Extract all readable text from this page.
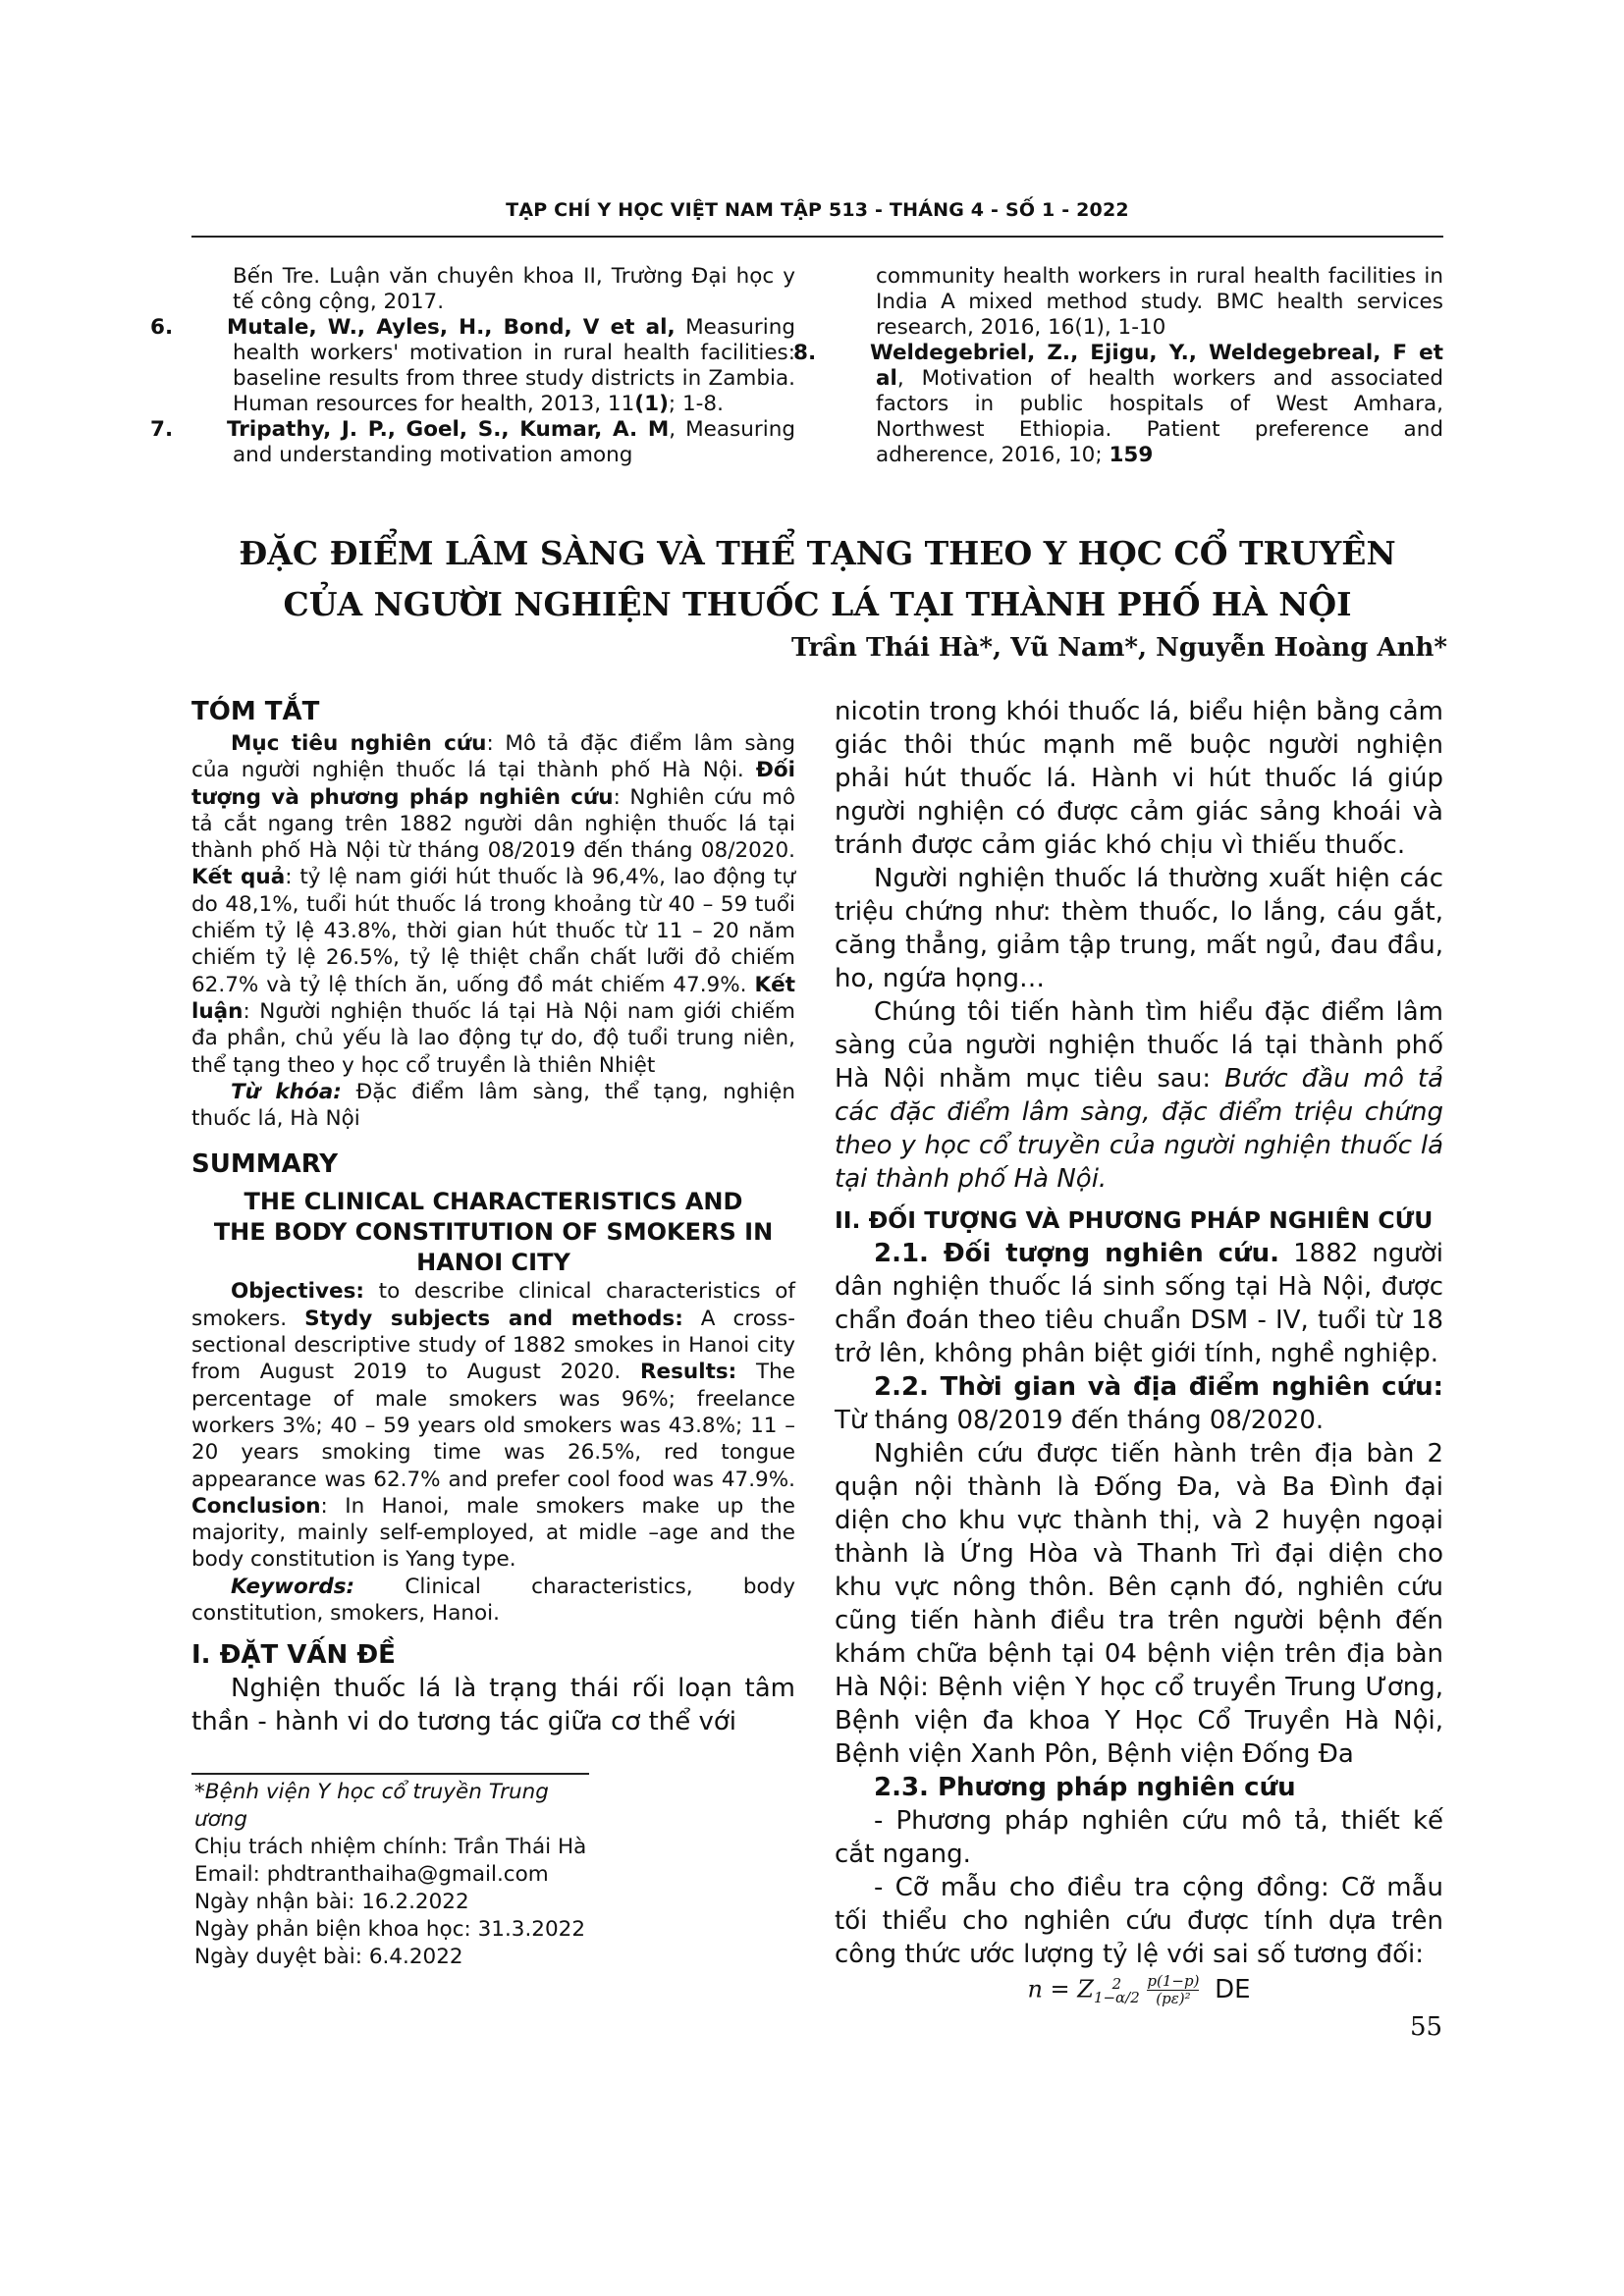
TẠP CHÍ Y HỌC VIỆT NAM TẬP 513 - THÁNG 4 - SỐ 1 - 2022
Bến Tre. Luận văn chuyên khoa II, Trường Đại học y tế công cộng, 2017.
6.	Mutale, W., Ayles, H., Bond, V et al, Measuring health workers' motivation in rural health facilities: baseline results from three study districts in Zambia. Human resources for health, 2013, 11(1); 1-8.
7.	Tripathy, J. P., Goel, S., Kumar, A. M, Measuring and understanding motivation among
community health workers in rural health facilities in India A mixed method study. BMC health services research, 2016, 16(1), 1-10
8.	Weldegebriel, Z., Ejigu, Y., Weldegebreal, F et al, Motivation of health workers and associated factors in public hospitals of West Amhara, Northwest Ethiopia. Patient preference and adherence, 2016, 10; 159
ĐẶC ĐIỂM LÂM SÀNG VÀ THỂ TẠNG THEO Y HỌC CỔ TRUYỀN
CỦA NGƯỜI NGHIỆN THUỐC LÁ TẠI THÀNH PHỐ HÀ NỘI
Trần Thái Hà*, Vũ Nam*, Nguyễn Hoàng Anh*
TÓM TẮT

Mục tiêu nghiên cứu: Mô tả đặc điểm lâm sàng của người nghiện thuốc lá tại thành phố Hà Nội. Đối tượng và phương pháp nghiên cứu: Nghiên cứu mô tả cắt ngang trên 1882 người dân nghiện thuốc lá tại thành phố Hà Nội từ tháng 08/2019 đến tháng 08/2020. Kết quả: tỷ lệ nam giới hút thuốc là 96,4%, lao động tự do 48,1%, tuổi hút thuốc lá trong khoảng từ 40 – 59 tuổi chiếm tỷ lệ 43.8%, thời gian hút thuốc từ 11 – 20 năm chiếm tỷ lệ 26.5%, tỷ lệ thiệt chẩn chất lưỡi đỏ chiếm 62.7% và tỷ lệ thích ăn, uống đồ mát chiếm 47.9%. Kết luận: Người nghiện thuốc lá tại Hà Nội nam giới chiếm đa phần, chủ yếu là lao động tự do, độ tuổi trung niên, thể tạng theo y học cổ truyền là thiên Nhiệt

Từ khóa: Đặc điểm lâm sàng, thể tạng, nghiện thuốc lá, Hà Nội

SUMMARY
THE CLINICAL CHARACTERISTICS AND
THE BODY CONSTITUTION OF SMOKERS IN
HANOI CITY

Objectives: to describe clinical characteristics of smokers. Stydy subjects and methods: A cross-sectional descriptive study of 1882 smokes in Hanoi city from August 2019 to August 2020. Results: The percentage of male smokers was 96%; freelance workers 3%; 40 – 59 years old smokers was 43.8%; 11 – 20 years smoking time was 26.5%, red tongue appearance was 62.7% and prefer cool food was 47.9%. Conclusion: In Hanoi, male smokers make up the majority, mainly self-employed, at midle –age and the body constitution is Yang type.

Keywords: Clinical characteristics, body constitution, smokers, Hanoi.

I. ĐẶT VẤN ĐỀ

Nghiện thuốc lá là trạng thái rối loạn tâm thần - hành vi do tương tác giữa cơ thể với

nicotin trong khói thuốc lá, biểu hiện bằng cảm giác thôi thúc mạnh mẽ buộc người nghiện phải hút thuốc lá. Hành vi hút thuốc lá giúp người nghiện có được cảm giác sảng khoái và tránh được cảm giác khó chịu vì thiếu thuốc.

Người nghiện thuốc lá thường xuất hiện các triệu chứng như: thèm thuốc, lo lắng, cáu gắt, căng thẳng, giảm tập trung, mất ngủ, đau đầu, ho, ngứa họng…

Chúng tôi tiến hành tìm hiểu đặc điểm lâm sàng của người nghiện thuốc lá tại thành phố Hà Nội nhằm mục tiêu sau: Bước đầu mô tả các đặc điểm lâm sàng, đặc điểm triệu chứng theo y học cổ truyền của người nghiện thuốc lá tại thành phố Hà Nội.

II. ĐỐI TƯỢNG VÀ PHƯƠNG PHÁP NGHIÊN CỨU

2.1. Đối tượng nghiên cứu. 1882 người dân nghiện thuốc lá sinh sống tại Hà Nội, được chẩn đoán theo tiêu chuẩn DSM - IV, tuổi từ 18 trở lên, không phân biệt giới tính, nghề nghiệp.

2.2. Thời gian và địa điểm nghiên cứu: Từ tháng 08/2019 đến tháng 08/2020.

Nghiên cứu được tiến hành trên địa bàn 2 quận nội thành là Đống Đa, và Ba Đình đại diện cho khu vực thành thị, và 2 huyện ngoại thành là Ứng Hòa và Thanh Trì đại diện cho khu vực nông thôn. Bên cạnh đó, nghiên cứu cũng tiến hành điều tra trên người bệnh đến khám chữa bệnh tại 04 bệnh viện trên địa bàn Hà Nội: Bệnh viện Y học cổ truyền Trung Ương, Bệnh viện đa khoa Y Học Cổ Truyền Hà Nội, Bệnh viện Xanh Pôn, Bệnh viện Đống Đa

2.3. Phương pháp nghiên cứu

- Phương pháp nghiên cứu mô tả, thiết kế cắt ngang.

- Cỡ mẫu cho điều tra cộng đồng: Cỡ mẫu tối thiểu cho nghiên cứu được tính dựa trên công thức ước lượng tỷ lệ với sai số tương đối:

n = Z	2
1−α/2
$\frac{p(1-p)}{\text{(pε)²}}$ DE
*Bệnh viện Y học cổ truyền Trung ương
Chịu trách nhiệm chính: Trần Thái Hà
Email: phdtranthaiha@gmail.com
Ngày nhận bài: 16.2.2022
Ngày phản biện khoa học: 31.3.2022
Ngày duyệt bài: 6.4.2022
55
